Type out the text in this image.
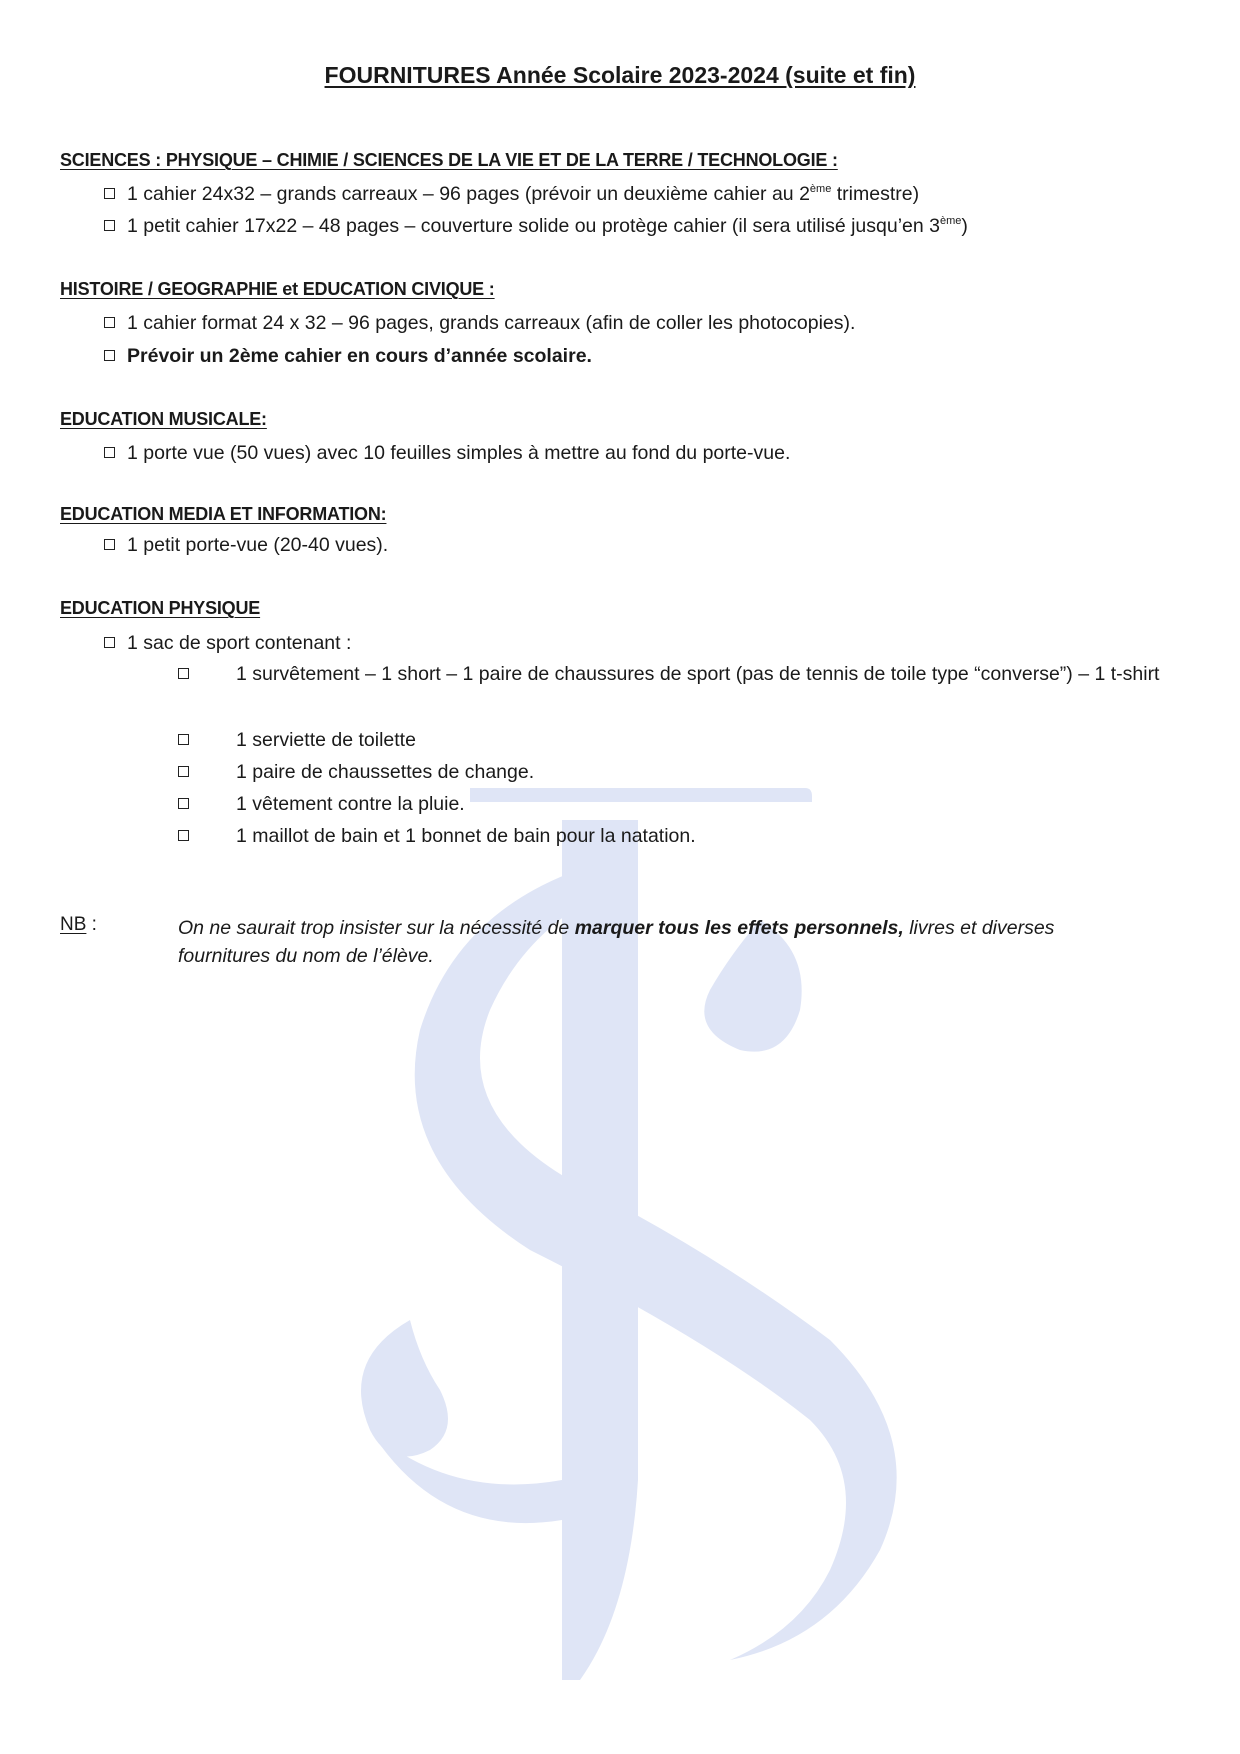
FOURNITURES Année Scolaire 2023-2024 (suite et fin)
SCIENCES : PHYSIQUE – CHIMIE / SCIENCES DE LA VIE ET DE LA TERRE / TECHNOLOGIE :
1 cahier 24x32 – grands carreaux – 96 pages (prévoir un deuxième cahier au 2ème trimestre)
1 petit cahier 17x22 – 48 pages – couverture solide ou protège cahier (il sera utilisé jusqu’en 3ème)
HISTOIRE / GEOGRAPHIE et EDUCATION CIVIQUE :
1 cahier format 24 x 32 – 96 pages, grands carreaux (afin de coller les photocopies).
Prévoir un 2ème cahier en cours d’année scolaire.
EDUCATION MUSICALE:
1 porte vue (50 vues) avec 10 feuilles simples à mettre au fond du porte-vue.
EDUCATION MEDIA ET INFORMATION:
1 petit porte-vue (20-40 vues).
EDUCATION PHYSIQUE
1 sac de sport contenant :
1 survêtement – 1 short – 1 paire de chaussures de sport (pas de tennis de toile type “converse”) – 1 t-shirt
1 serviette de toilette
1 paire de chaussettes de change.
1 vêtement contre la pluie.
1 maillot de bain et 1 bonnet de bain pour la natation.
NB :	On ne saurait trop insister sur la nécessité de marquer tous les effets personnels, livres et diverses fournitures du nom de l’élève.
